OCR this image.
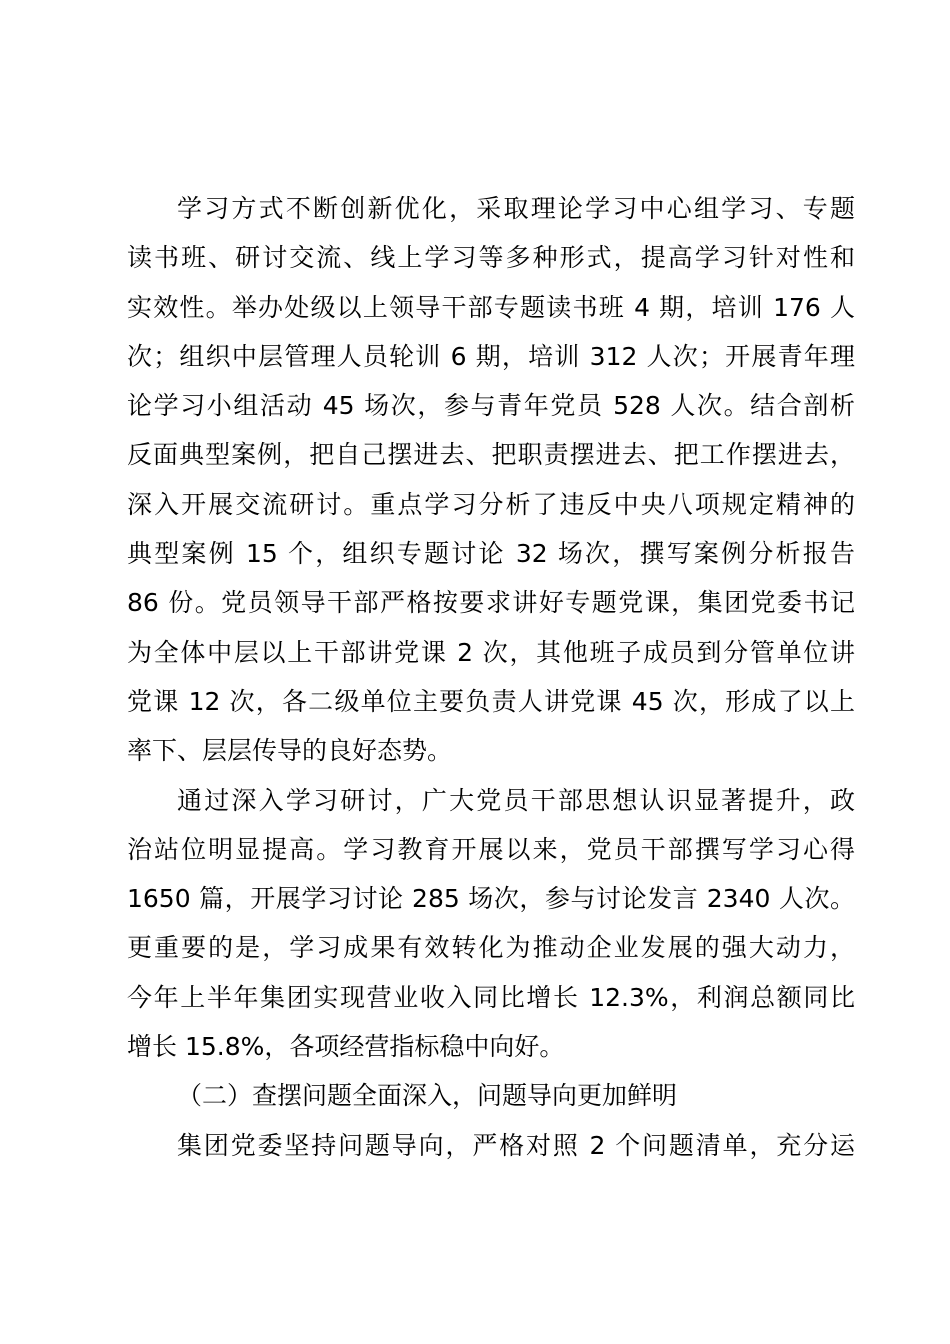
学习方式不断创新优化，采取理论学习中心组学习、专题
读书班、研讨交流、线上学习等多种形式，提高学习针对性和
实效性。举办处级以上领导干部专题读书班 4 期，培训 176 人
次；组织中层管理人员轮训 6 期，培训 312 人次；开展青年理
论学习小组活动 45 场次，参与青年党员 528 人次。结合剖析
反面典型案例，把自己摆进去、把职责摆进去、把工作摆进去，
深入开展交流研讨。重点学习分析了违反中央八项规定精神的
典型案例 15 个，组织专题讨论 32 场次，撰写案例分析报告
86 份。党员领导干部严格按要求讲好专题党课，集团党委书记
为全体中层以上干部讲党课 2 次，其他班子成员到分管单位讲
党课 12 次，各二级单位主要负责人讲党课 45 次，形成了以上
率下、层层传导的良好态势。
通过深入学习研讨，广大党员干部思想认识显著提升，政
治站位明显提高。学习教育开展以来，党员干部撰写学习心得
1650 篇，开展学习讨论 285 场次，参与讨论发言 2340 人次。
更重要的是，学习成果有效转化为推动企业发展的强大动力，
今年上半年集团实现营业收入同比增长 12.3%，利润总额同比
增长 15.8%，各项经营指标稳中向好。
（二）查摆问题全面深入，问题导向更加鲜明
集团党委坚持问题导向，严格对照 2 个问题清单，充分运
